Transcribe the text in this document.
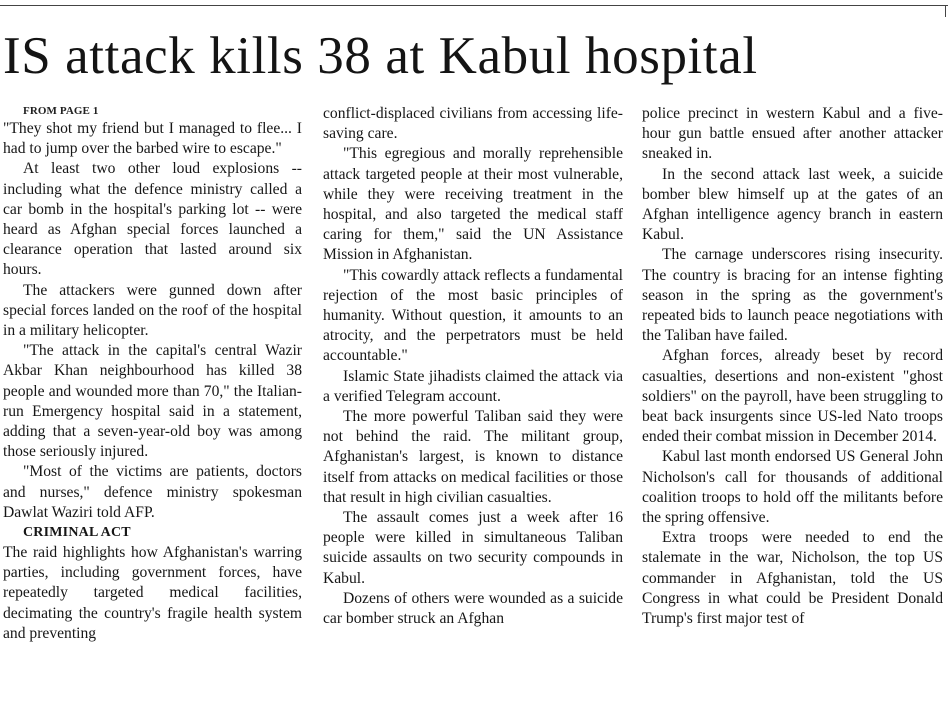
IS attack kills 38 at Kabul hospital

FROM PAGE 1

"They shot my friend but I managed to flee... I had to jump over the barbed wire to escape."

At least two other loud explosions -- including what the defence ministry called a car bomb in the hospital's parking lot -- were heard as Afghan special forces launched a clearance operation that lasted around six hours.

The attackers were gunned down after special forces landed on the roof of the hospital in a military helicopter.

"The attack in the capital's central Wazir Akbar Khan neighbourhood has killed 38 people and wounded more than 70," the Italian-run Emergency hospital said in a statement, adding that a seven-year-old boy was among those seriously injured.

"Most of the victims are patients, doctors and nurses," defence ministry spokesman Dawlat Waziri told AFP.

CRIMINAL ACT

The raid highlights how Afghanistan's warring parties, including government forces, have repeatedly targeted medical facilities, decimating the country's fragile health system and preventing

conflict-displaced civilians from accessing life-saving care.

"This egregious and morally reprehensible attack targeted people at their most vulnerable, while they were receiving treatment in the hospital, and also targeted the medical staff caring for them," said the UN Assistance Mission in Afghanistan.

"This cowardly attack reflects a fundamental rejection of the most basic principles of humanity. Without question, it amounts to an atrocity, and the perpetrators must be held accountable."

Islamic State jihadists claimed the attack via a verified Telegram account.

The more powerful Taliban said they were not behind the raid. The militant group, Afghanistan's largest, is known to distance itself from attacks on medical facilities or those that result in high civilian casualties.

The assault comes just a week after 16 people were killed in simultaneous Taliban suicide assaults on two security compounds in Kabul.

Dozens of others were wounded as a suicide car bomber struck an Afghan

police precinct in western Kabul and a five-hour gun battle ensued after another attacker sneaked in.

In the second attack last week, a suicide bomber blew himself up at the gates of an Afghan intelligence agency branch in eastern Kabul.

The carnage underscores rising insecurity. The country is bracing for an intense fighting season in the spring as the government's repeated bids to launch peace negotiations with the Taliban have failed.

Afghan forces, already beset by record casualties, desertions and non-existent "ghost soldiers" on the payroll, have been struggling to beat back insurgents since US-led Nato troops ended their combat mission in December 2014.

Kabul last month endorsed US General John Nicholson's call for thousands of additional coalition troops to hold off the militants before the spring offensive.

Extra troops were needed to end the stalemate in the war, Nicholson, the top US commander in Afghanistan, told the US Congress in what could be President Donald Trump's first major test of
